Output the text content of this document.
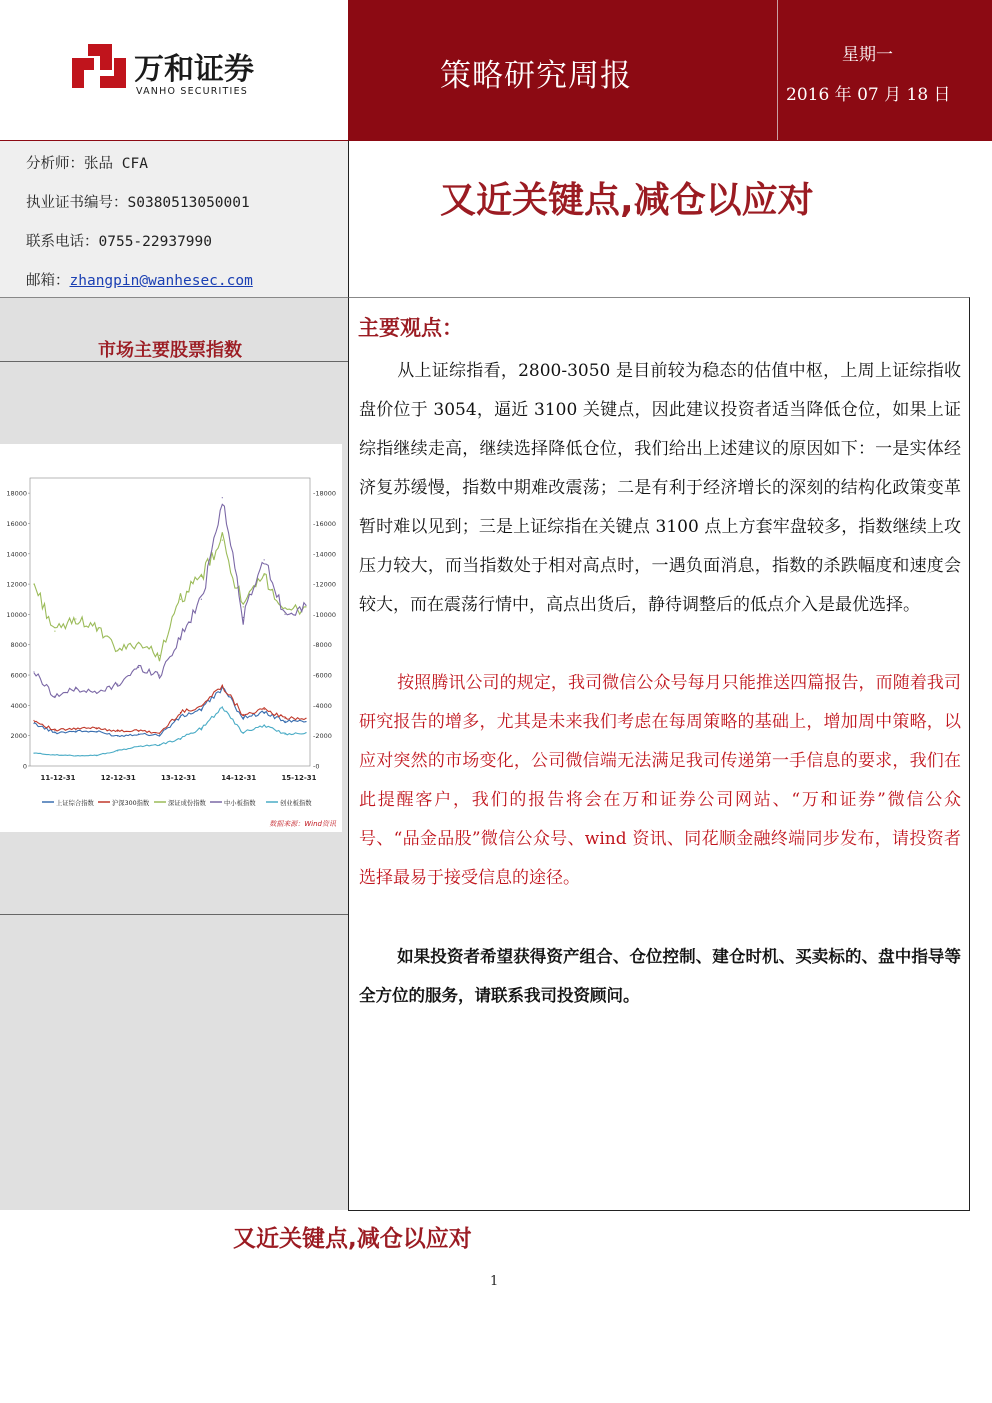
万和证券
VANHO SECURITIES	策略研究周报
星期一
2016 年 07 月 18 日
分析师：张品 CFA
执业证书编号：S0380513050001
联系电话：0755-22937990
邮箱：zhangpin@wanhesec.com
又近关键点,减仓以应对
市场主要股票指数
0	-0
2000	-2000
4000	-4000
6000	-6000
8000	-8000
10000	-10000
12000	-12000
14000	-14000
16000	-16000
18000	-18000
11-12-31	12-12-31	13-12-31	14-12-31	15-12-31
上证综合指数	沪深300指数	深证成份指数	中小板指数	创业板指数
数据来源：Wind资讯
主要观点：
从上证综指看，2800-3050 是目前较为稳态的估值中枢，上周上证综指收盘价位于 3054，逼近 3100 关键点，因此建议投资者适当降低仓位，如果上证综指继续走高，继续选择降低仓位，我们给出上述建议的原因如下：一是实体经济复苏缓慢，指数中期难改震荡；二是有利于经济增长的深刻的结构化政策变革暂时难以见到；三是上证综指在关键点 3100 点上方套牢盘较多，指数继续上攻压力较大，而当指数处于相对高点时，一遇负面消息，指数的杀跌幅度和速度会较大，而在震荡行情中，高点出货后，静待调整后的低点介入是最优选择。
按照腾讯公司的规定，我司微信公众号每月只能推送四篇报告，而随着我司研究报告的增多，尤其是未来我们考虑在每周策略的基础上，增加周中策略，以应对突然的市场变化，公司微信端无法满足我司传递第一手信息的要求，我们在此提醒客户，我们的报告将会在万和证券公司网站、“万和证券”微信公众号、“品金品股”微信公众号、wind 资讯、同花顺金融终端同步发布，请投资者选择最易于接受信息的途径。
如果投资者希望获得资产组合、仓位控制、建仓时机、买卖标的、盘中指导等全方位的服务，请联系我司投资顾问。
又近关键点,减仓以应对
1
